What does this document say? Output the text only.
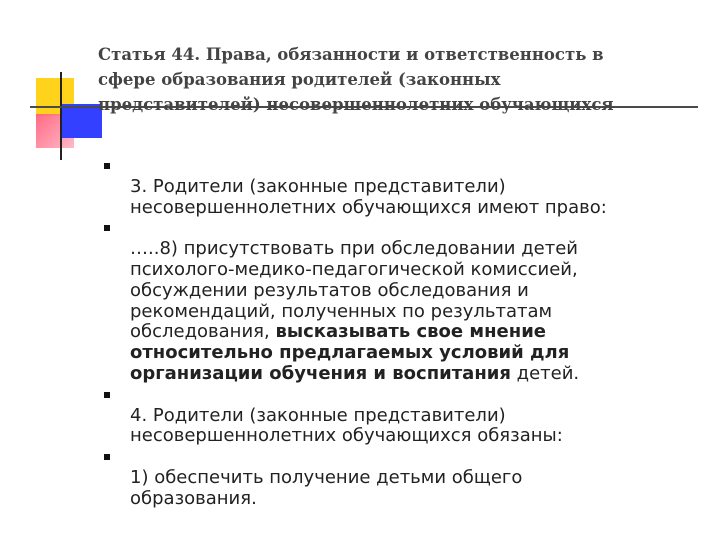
Статья 44. Права, обязанности и ответственность в
сфере образования родителей (законных
представителей) несовершеннолетних обучающихся

3. Родители (законные представители)
несовершеннолетних обучающихся имеют право:

…..8) присутствовать при обследовании детей
психолого-медико-педагогической комиссией,
обсуждении результатов обследования и
рекомендаций, полученных по результатам
обследования, высказывать свое мнение
относительно предлагаемых условий для
организации обучения и воспитания детей.

4. Родители (законные представители)
несовершеннолетних обучающихся обязаны:

1) обеспечить получение детьми общего
образования.
